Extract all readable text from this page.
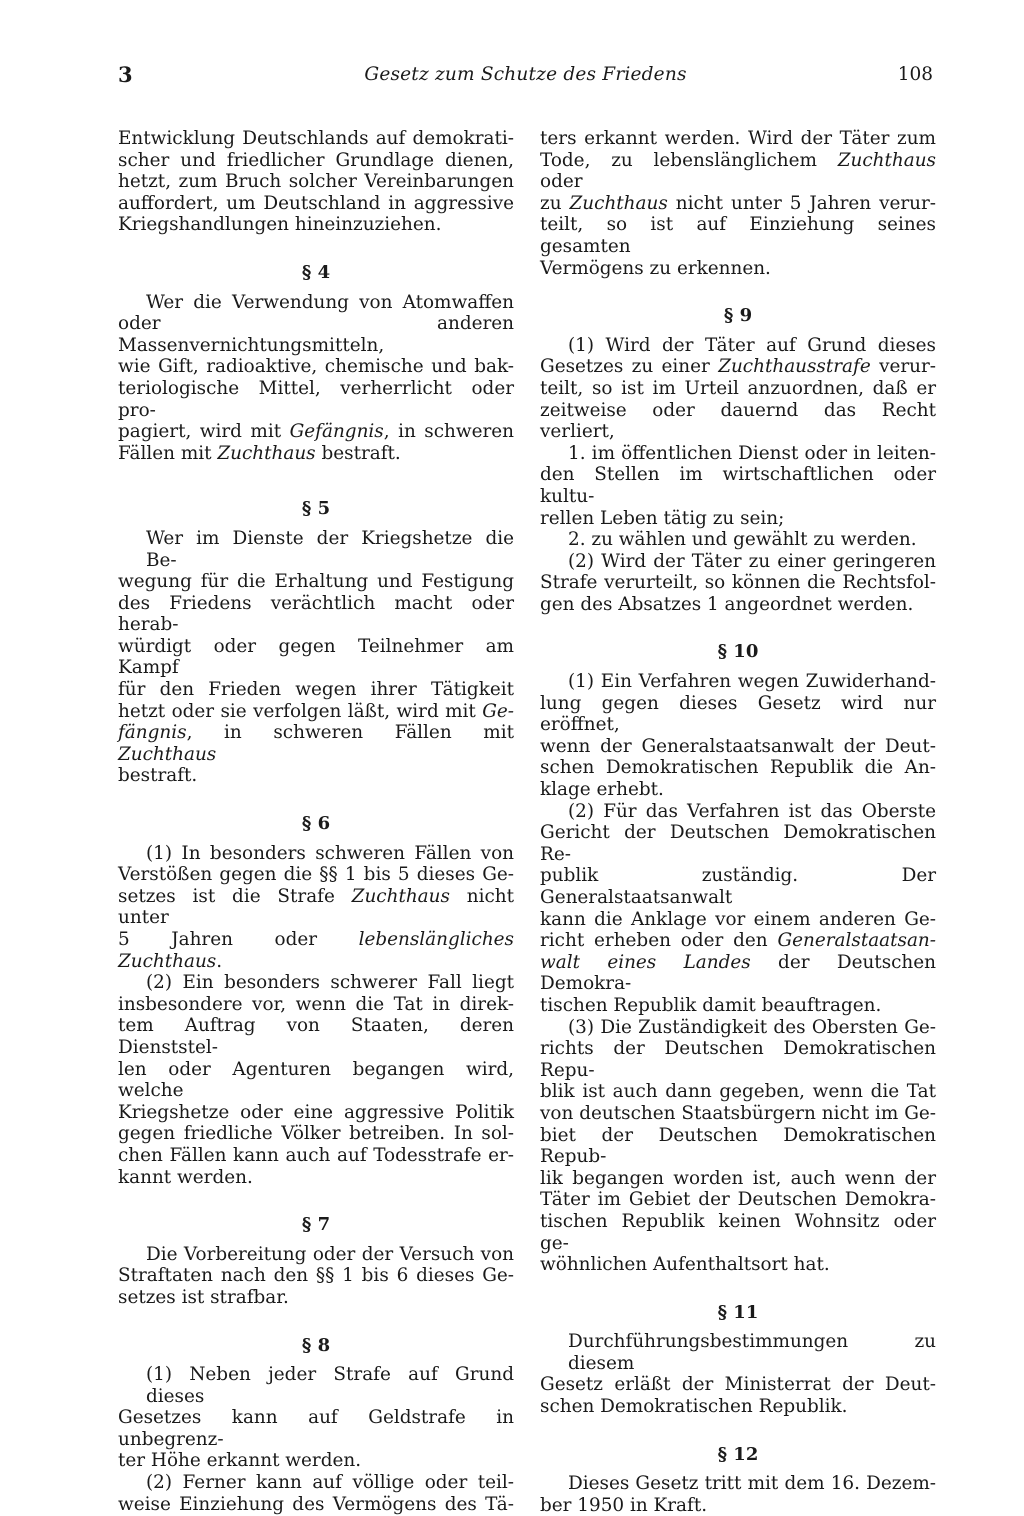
3	Gesetz zum Schutze des Friedens	108
Entwicklung Deutschlands auf demokrati-
scher und friedlicher Grundlage dienen,
hetzt, zum Bruch solcher Vereinbarungen
auffordert, um Deutschland in aggressive
Kriegshandlungen hineinzuziehen.
§ 4
Wer die Verwendung von Atomwaffen
oder anderen Massenvernichtungsmitteln,
wie Gift, radioaktive, chemische und bak-
teriologische Mittel, verherrlicht oder pro-
pagiert, wird mit Gefängnis, in schweren
Fällen mit Zuchthaus bestraft.
§ 5
Wer im Dienste der Kriegshetze die Be-
wegung für die Erhaltung und Festigung
des Friedens verächtlich macht oder herab-
würdigt oder gegen Teilnehmer am Kampf
für den Frieden wegen ihrer Tätigkeit
hetzt oder sie verfolgen läßt, wird mit Ge-
fängnis, in schweren Fällen mit Zuchthaus
bestraft.
§ 6
(1) In besonders schweren Fällen von
Verstößen gegen die §§ 1 bis 5 dieses Ge-
setzes ist die Strafe Zuchthaus nicht unter
5 Jahren oder lebenslängliches Zuchthaus.
(2) Ein besonders schwerer Fall liegt
insbesondere vor, wenn die Tat in direk-
tem Auftrag von Staaten, deren Dienststel-
len oder Agenturen begangen wird, welche
Kriegshetze oder eine aggressive Politik
gegen friedliche Völker betreiben. In sol-
chen Fällen kann auch auf Todesstrafe er-
kannt werden.
§ 7
Die Vorbereitung oder der Versuch von
Straftaten nach den §§ 1 bis 6 dieses Ge-
setzes ist strafbar.
§ 8
(1) Neben jeder Strafe auf Grund dieses
Gesetzes kann auf Geldstrafe in unbegrenz-
ter Höhe erkannt werden.
(2) Ferner kann auf völlige oder teil-
weise Einziehung des Vermögens des Tä-
ters erkannt werden. Wird der Täter zum
Tode, zu lebenslänglichem Zuchthaus oder
zu Zuchthaus nicht unter 5 Jahren verur-
teilt, so ist auf Einziehung seines gesamten
Vermögens zu erkennen.
§ 9
(1) Wird der Täter auf Grund dieses
Gesetzes zu einer Zuchthausstrafe verur-
teilt, so ist im Urteil anzuordnen, daß er
zeitweise oder dauernd das Recht verliert,
1. im öffentlichen Dienst oder in leiten-
den Stellen im wirtschaftlichen oder kultu-
rellen Leben tätig zu sein;
2. zu wählen und gewählt zu werden.
(2) Wird der Täter zu einer geringeren
Strafe verurteilt, so können die Rechtsfol-
gen des Absatzes 1 angeordnet werden.
§ 10
(1) Ein Verfahren wegen Zuwiderhand-
lung gegen dieses Gesetz wird nur eröffnet,
wenn der Generalstaatsanwalt der Deut-
schen Demokratischen Republik die An-
klage erhebt.
(2) Für das Verfahren ist das Oberste
Gericht der Deutschen Demokratischen Re-
publik zuständig. Der Generalstaatsanwalt
kann die Anklage vor einem anderen Ge-
richt erheben oder den Generalstaatsan-
walt eines Landes der Deutschen Demokra-
tischen Republik damit beauftragen.
(3) Die Zuständigkeit des Obersten Ge-
richts der Deutschen Demokratischen Repu-
blik ist auch dann gegeben, wenn die Tat
von deutschen Staatsbürgern nicht im Ge-
biet der Deutschen Demokratischen Repub-
lik begangen worden ist, auch wenn der
Täter im Gebiet der Deutschen Demokra-
tischen Republik keinen Wohnsitz oder ge-
wöhnlichen Aufenthaltsort hat.
§ 11
Durchführungsbestimmungen zu diesem
Gesetz erläßt der Ministerrat der Deut-
schen Demokratischen Republik.
§ 12
Dieses Gesetz tritt mit dem 16. Dezem-
ber 1950 in Kraft.
